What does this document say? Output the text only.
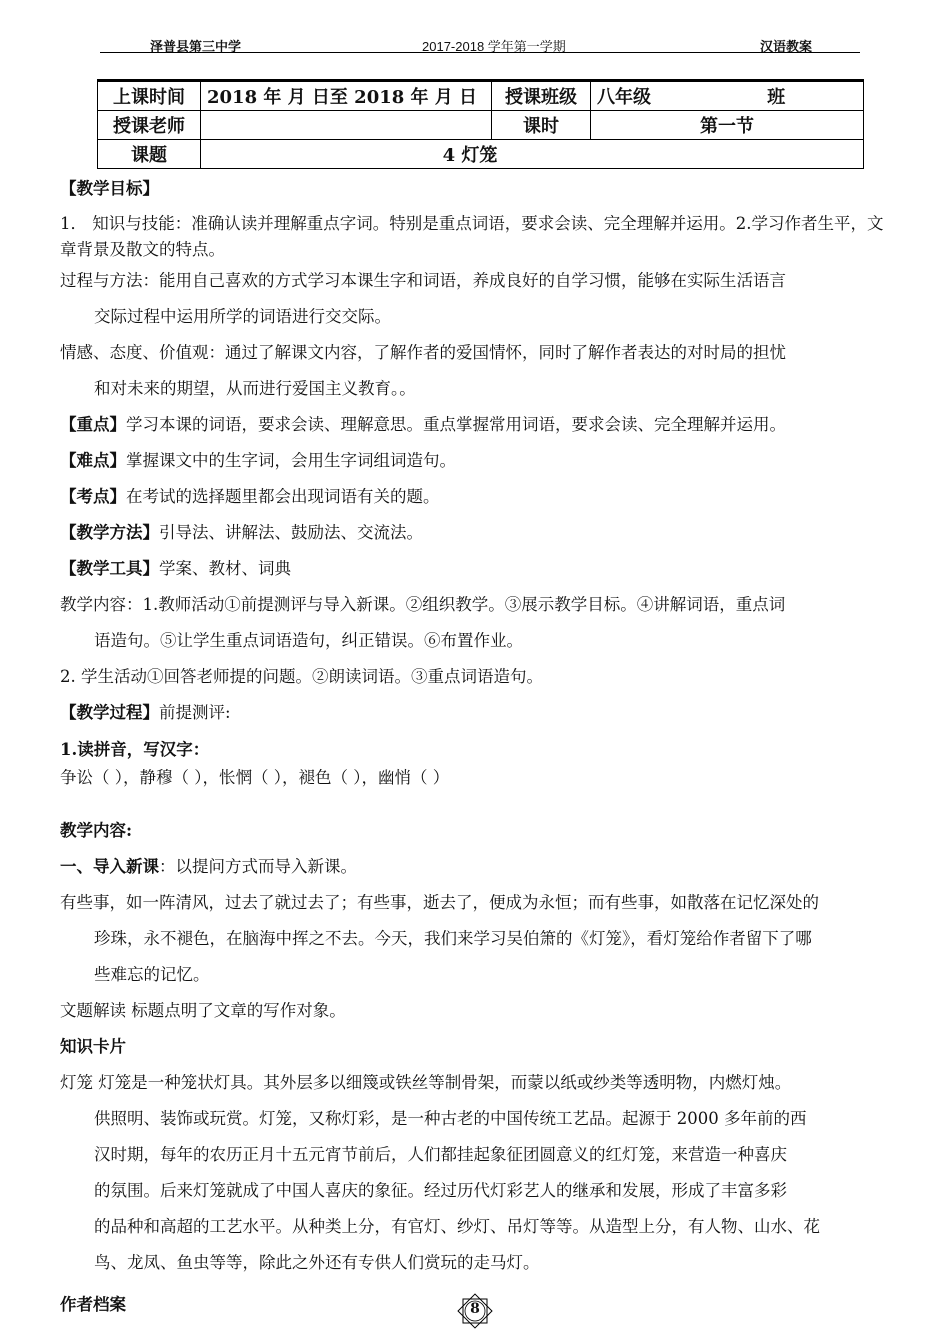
泽普县第三中学	2017-2018 学年第一学期	汉语教案
上课时间	2018 年 月 日至 2018 年 月 日	授课班级	八年级 班
授课老师		课时	第一节
课题	4 灯笼		

【教学目标】

1． 知识与技能：准确认读并理解重点字词。特别是重点词语，要求会读、完全理解并运用。2.学习作者生平，文章背景及散文的特点。

过程与方法：能用自己喜欢的方式学习本课生字和词语，养成良好的自学习惯，能够在实际生活语言

交际过程中运用所学的词语进行交交际。

情感、态度、价值观：通过了解课文内容，了解作者的爱国情怀，同时了解作者表达的对时局的担忧

和对未来的期望，从而进行爱国主义教育。。

【重点】学习本课的词语，要求会读、理解意思。重点掌握常用词语，要求会读、完全理解并运用。

【难点】掌握课文中的生字词，会用生字词组词造句。

【考点】在考试的选择题里都会出现词语有关的题。

【教学方法】引导法、讲解法、鼓励法、交流法。

【教学工具】学案、教材、词典

教学内容：1.教师活动①前提测评与导入新课。②组织教学。③展示教学目标。④讲解词语，重点词

语造句。⑤让学生重点词语造句，纠正错误。⑥布置作业。

2. 学生活动①回答老师提的问题。②朗读词语。③重点词语造句。

【教学过程】前提测评:

1.读拼音，写汉字：

争讼（ ），静穆（ ），怅惘（ ），褪色（ ），幽悄（ ）

教学内容:

一、导入新课：以提问方式而导入新课。

有些事，如一阵清风，过去了就过去了；有些事，逝去了，便成为永恒；而有些事，如散落在记忆深处的

珍珠，永不褪色，在脑海中挥之不去。今天，我们来学习吴伯箫的《灯笼》，看灯笼给作者留下了哪

些难忘的记忆。

文题解读 标题点明了文章的写作对象。

知识卡片

灯笼 灯笼是一种笼状灯具。其外层多以细篾或铁丝等制骨架，而蒙以纸或纱类等透明物，内燃灯烛。

供照明、装饰或玩赏。灯笼，又称灯彩，是一种古老的中国传统工艺品。起源于 2000 多年前的西

汉时期，每年的农历正月十五元宵节前后，人们都挂起象征团圆意义的红灯笼，来营造一种喜庆

的氛围。后来灯笼就成了中国人喜庆的象征。经过历代灯彩艺人的继承和发展，形成了丰富多彩

的品种和高超的工艺水平。从种类上分，有官灯、纱灯、吊灯等等。从造型上分，有人物、山水、花

鸟、龙凤、鱼虫等等，除此之外还有专供人们赏玩的走马灯。

作者档案	8
